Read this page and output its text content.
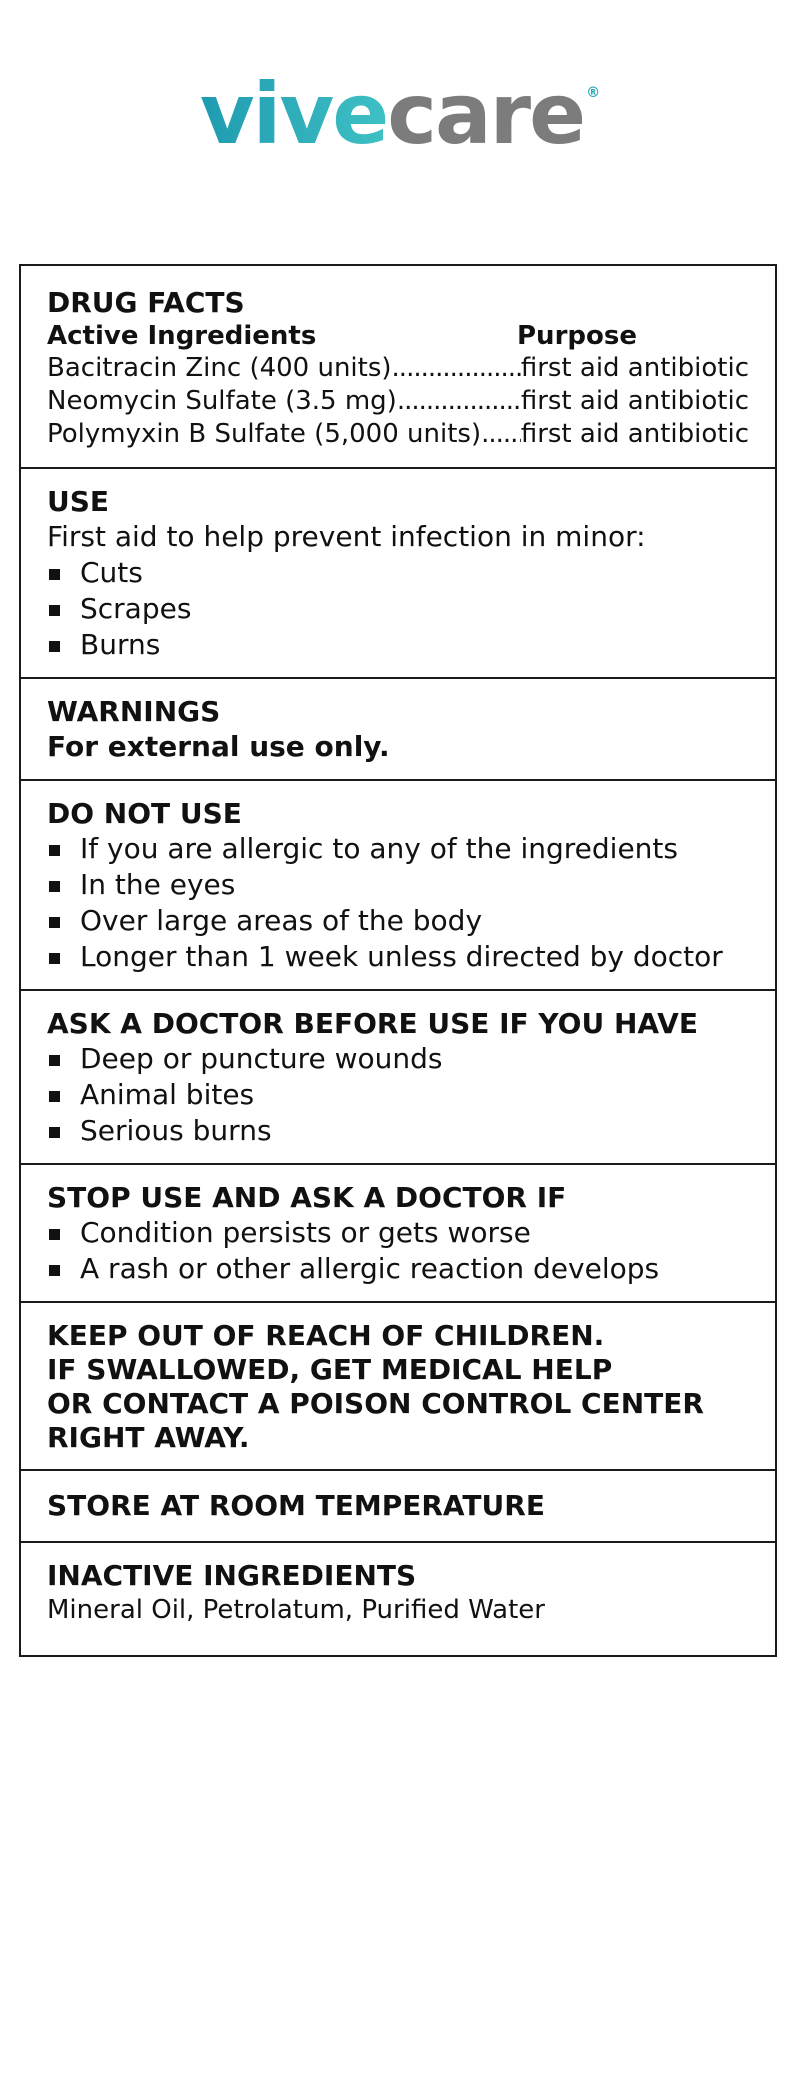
vivecare ®
DRUG FACTS
Active Ingredients	Purpose
Bacitracin Zinc (400 units) .....	first aid antibiotic
Neomycin Sulfate (3.5 mg) .....	first aid antibiotic
Polymyxin B Sulfate (5,000 units) ..... first aid antibiotic
USE
First aid to help prevent infection in minor:
Cuts
Scrapes
Burns
WARNINGS
For external use only.
DO NOT USE
If you are allergic to any of the ingredients
In the eyes
Over large areas of the body
Longer than 1 week unless directed by doctor
ASK A DOCTOR BEFORE USE IF YOU HAVE
Deep or puncture wounds
Animal bites
Serious burns
STOP USE AND ASK A DOCTOR IF
Condition persists or gets worse
A rash or other allergic reaction develops
KEEP OUT OF REACH OF CHILDREN.
IF SWALLOWED, GET MEDICAL HELP
OR CONTACT A POISON CONTROL CENTER
RIGHT AWAY.
STORE AT ROOM TEMPERATURE
INACTIVE INGREDIENTS
Mineral Oil, Petrolatum, Purified Water
